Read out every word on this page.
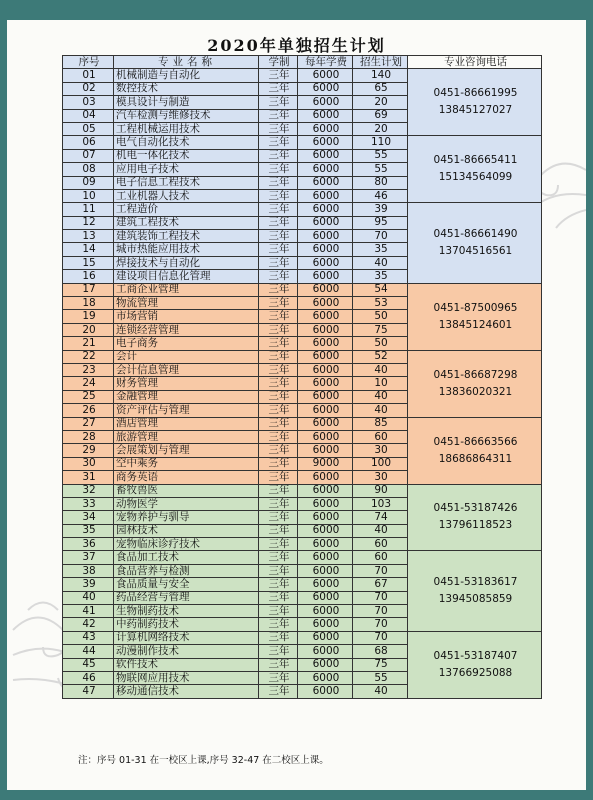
2020年单独招生计划
序号	专业名称	学制	每年学费	招生计划	专业咨询电话
01	机械制造与自动化	三年	6000	140	0451-86661995
13845127027

02	数控技术	三年	6000	65	
03	模具设计与制造	三年	6000	20	
04	汽车检测与维修技术	三年	6000	69	
05	工程机械运用技术	三年	6000	20	
06	电气自动化技术	三年	6000	110	0451-86665411
15134564099

07	机电一体化技术	三年	6000	55	
08	应用电子技术	三年	6000	55	
09	电子信息工程技术	三年	6000	80	
10	工业机器人技术	三年	6000	46	
11	工程造价	三年	6000	39	0451-86661490
13704516561

12	建筑工程技术	三年	6000	95	
13	建筑装饰工程技术	三年	6000	70	
14	城市热能应用技术	三年	6000	35	
15	焊接技术与自动化	三年	6000	40	
16	建设项目信息化管理	三年	6000	35	
17	工商企业管理	三年	6000	54	0451-87500965
13845124601

18	物流管理	三年	6000	53	
19	市场营销	三年	6000	50	
20	连锁经营管理	三年	6000	75	
21	电子商务	三年	6000	50	
22	会计	三年	6000	52	0451-86687298
13836020321

23	会计信息管理	三年	6000	40	
24	财务管理	三年	6000	10	
25	金融管理	三年	6000	40	
26	资产评估与管理	三年	6000	40	
27	酒店管理	三年	6000	85	0451-86663566
18686864311

28	旅游管理	三年	6000	60	
29	会展策划与管理	三年	6000	30	
30	空中乘务	三年	9000	100	
31	商务英语	三年	6000	30	
32	畜牧兽医	三年	6000	90	0451-53187426
13796118523

33	动物医学	三年	6000	103	
34	宠物养护与驯导	三年	6000	74	
35	园林技术	三年	6000	40	
36	宠物临床诊疗技术	三年	6000	60	
37	食品加工技术	三年	6000	60	0451-53183617
13945085859

38	食品营养与检测	三年	6000	70	
39	食品质量与安全	三年	6000	67	
40	药品经营与管理	三年	6000	70	
41	生物制药技术	三年	6000	70	
42	中药制药技术	三年	6000	70	
43	计算机网络技术	三年	6000	70	0451-53187407
13766925088

44	动漫制作技术	三年	6000	68	
45	软件技术	三年	6000	75	
46	物联网应用技术	三年	6000	55	
47	移动通信技术	三年	6000	40	
注：序号 01-31 在一校区上课,序号 32-47 在二校区上课。
